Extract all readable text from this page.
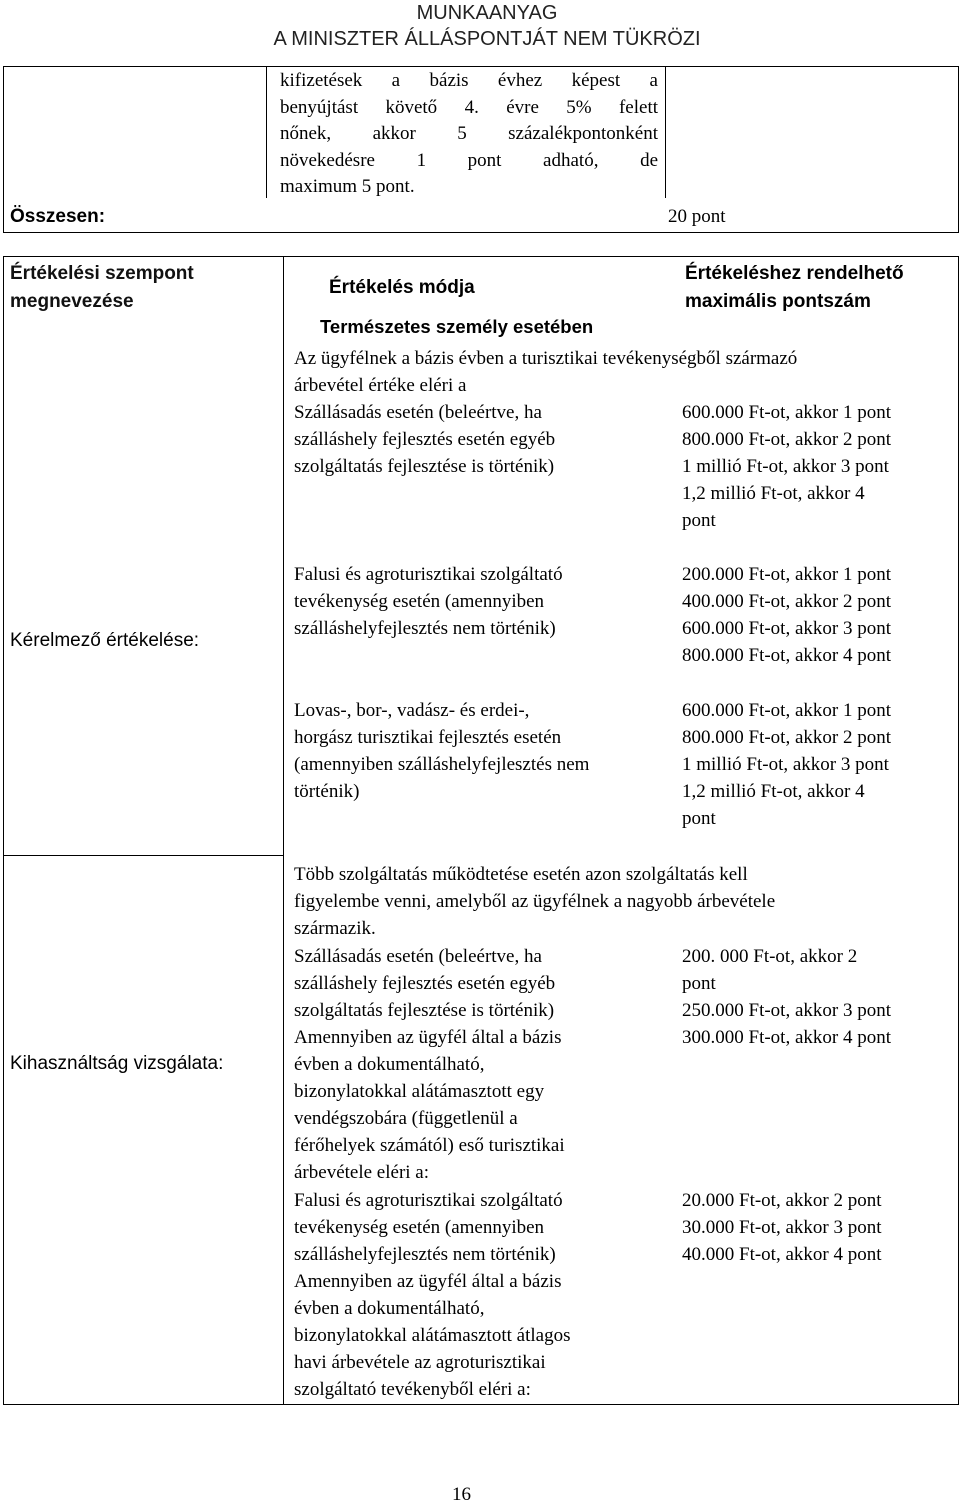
MUNKAANYAG
A MINISZTER ÁLLÁSPONTJÁT NEM TÜKRÖZI
kifizetések a bázis évhez képest a
benyújtást követő 4. évre 5% felett
nőnek, akkor 5 százalékpontonként
növekedésre 1 pont adható, de
maximum 5 pont.
Összesen:	20 pont
Értékelési szempont
megnevezése
Értékelés módja
Értékeléshez rendelhető
maximális pontszám
Kérelmező értékelése:
Természetes személy esetében
Az ügyfélnek a bázis évben a turisztikai tevékenységből származó
árbevétel értéke eléri a
Szállásadás esetén (beleértve, ha
szálláshely fejlesztés esetén egyéb
szolgáltatás fejlesztése is történik)
600.000 Ft-ot, akkor 1 pont
800.000 Ft-ot, akkor 2 pont
1 millió Ft-ot, akkor 3 pont
1,2 millió Ft-ot, akkor 4
pont
Falusi és agroturisztikai szolgáltató
tevékenység esetén (amennyiben
szálláshelyfejlesztés nem történik)
200.000 Ft-ot, akkor 1 pont
400.000 Ft-ot, akkor 2 pont
600.000 Ft-ot, akkor 3 pont
800.000 Ft-ot, akkor 4 pont
Lovas-, bor-, vadász- és erdei-,
horgász turisztikai fejlesztés esetén
(amennyiben szálláshelyfejlesztés nem
történik)
600.000 Ft-ot, akkor 1 pont
800.000 Ft-ot, akkor 2 pont
1 millió Ft-ot, akkor 3 pont
1,2 millió Ft-ot, akkor 4
pont
Kihasználtság vizsgálata:
Több szolgáltatás működtetése esetén azon szolgáltatás kell
figyelembe venni, amelyből az ügyfélnek a nagyobb árbevétele
származik.
Szállásadás esetén (beleértve, ha
szálláshely fejlesztés esetén egyéb
szolgáltatás fejlesztése is történik)
Amennyiben az ügyfél által a bázis
évben a dokumentálható,
bizonylatokkal alátámasztott egy
vendégszobára (függetlenül a
férőhelyek számától) eső turisztikai
árbevétele eléri a:
200. 000 Ft-ot, akkor 2
pont
250.000 Ft-ot, akkor 3 pont
300.000 Ft-ot, akkor 4 pont
Falusi és agroturisztikai szolgáltató
tevékenység esetén (amennyiben
szálláshelyfejlesztés nem történik)
Amennyiben az ügyfél által a bázis
évben a dokumentálható,
bizonylatokkal alátámasztott átlagos
havi árbevétele az agroturisztikai
szolgáltató tevékenyből eléri a:
20.000 Ft-ot, akkor 2 pont
30.000 Ft-ot, akkor 3 pont
40.000 Ft-ot, akkor 4 pont
16
